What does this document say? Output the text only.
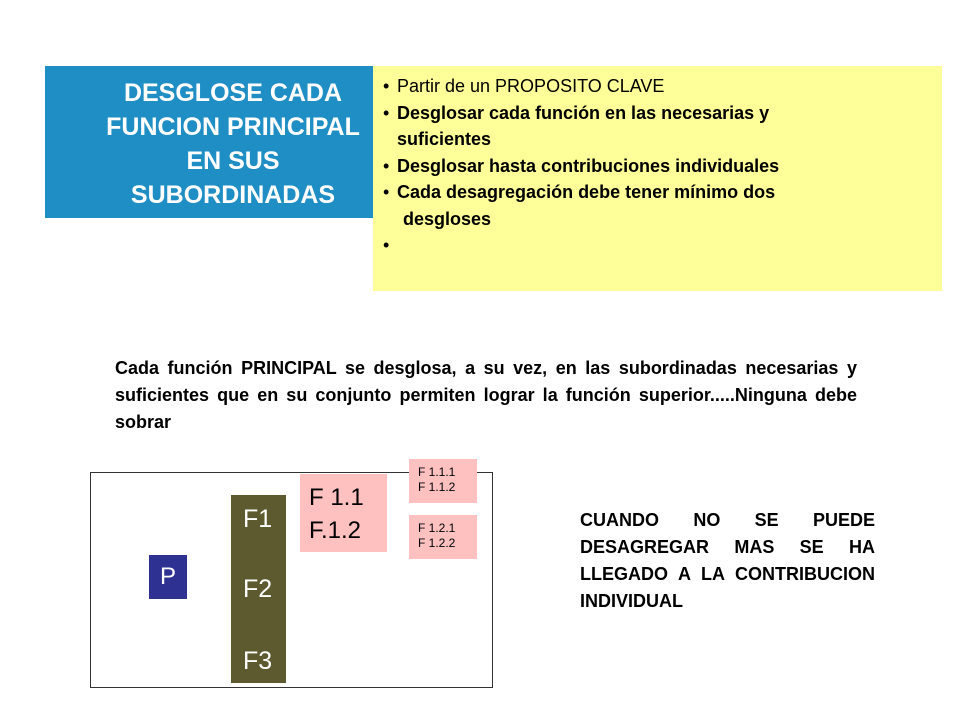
DESGLOSE CADA
FUNCION PRINCIPAL
EN SUS
SUBORDINADAS
• Partir de un PROPOSITO CLAVE
• Desglosar cada función en las necesarias y
suficientes
• Desglosar hasta contribuciones individuales
• Cada desagregación debe tener mínimo dos
desgloses
Cada función PRINCIPAL se desglosa, a su vez, en las subordinadas necesarias y suficientes que en su conjunto permiten lograr la función superior.....Ninguna debe sobrar
P
F1
F2
F3
F 1.1
F.1.2
F 1.1.1
F 1.1.2
F 1.2.1
F 1.2.2
CUANDO NO SE PUEDE DESAGREGAR MAS SE HA LLEGADO A LA CONTRIBUCION INDIVIDUAL
